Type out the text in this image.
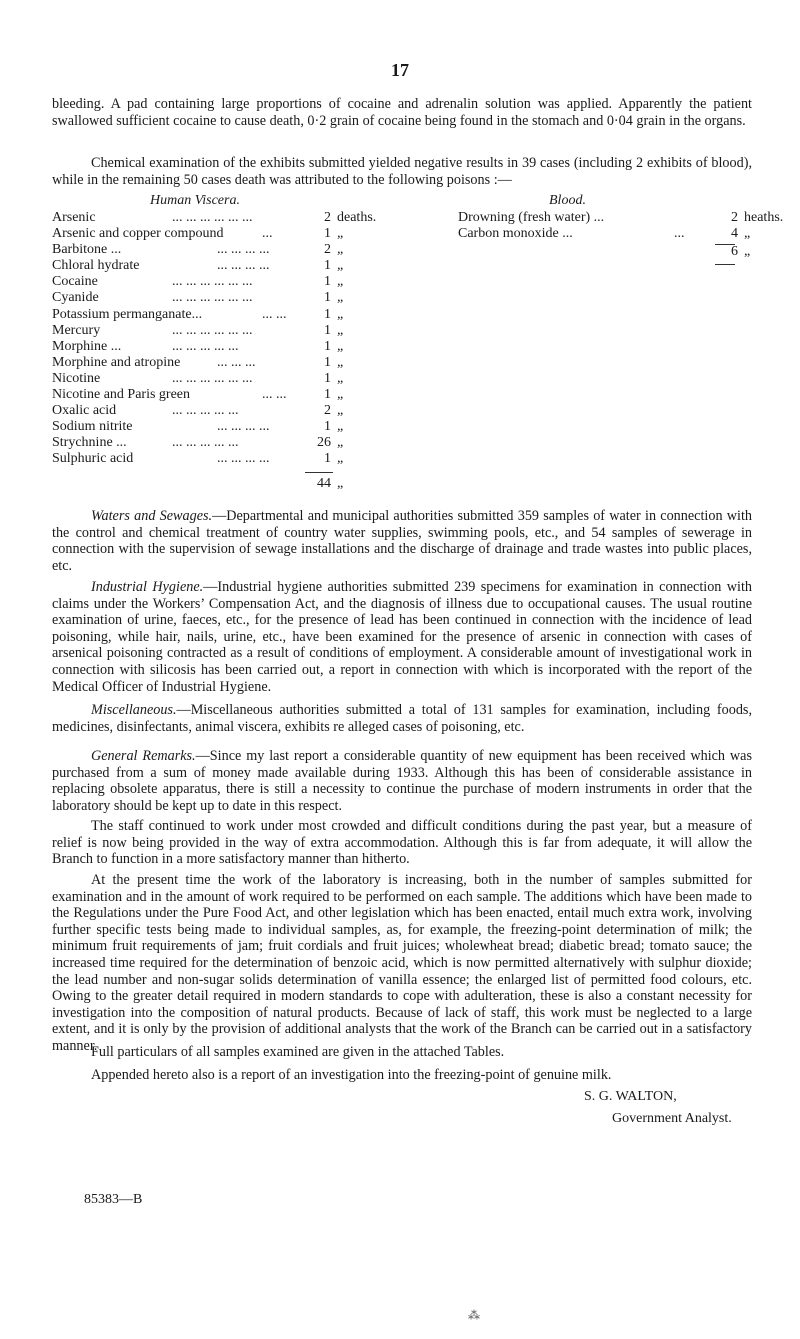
17

bleeding. A pad containing large proportions of cocaine and adrenalin solution was applied. Apparently the patient swallowed sufficient cocaine to cause death, 0·2 grain of cocaine being found in the stomach and 0·04 grain in the organs.

Chemical examination of the exhibits submitted yielded negative results in 39 cases (including 2 exhibits of blood), while in the remaining 50 cases death was attributed to the following poisons :—

Human Viscera.	Blood.
Arsenic	... ... ... ... ... ...	2 deaths.
Arsenic and copper compound	...	1 „
Barbitone ...	... ... ... ...	2 „
Chloral hydrate	... ... ... ...	1 „
Cocaine	... ... ... ... ... ...	1 „
Cyanide	... ... ... ... ... ...	1 „
Potassium permanganate...	... ...	1 „
Mercury	... ... ... ... ... ...	1 „
Morphine ...	... ... ... ... ...	1 „
Morphine and atropine	... ... ...	1 „
Nicotine	... ... ... ... ... ...	1 „
Nicotine and Paris green	... ...	1 „
Oxalic acid	... ... ... ... ...	2 „
Sodium nitrite	... ... ... ...	1 „
Strychnine ...	... ... ... ... ...	26 „
Sulphuric acid	... ... ... ...	1 „
44 „
Drowning (fresh water) ...	2 heaths.
Carbon monoxide ...	...	4 „
6 „

Waters and Sewages.—Departmental and municipal authorities submitted 359 samples of water in connection with the control and chemical treatment of country water supplies, swimming pools, etc., and 54 samples of sewerage in connection with the supervision of sewage installations and the discharge of drainage and trade wastes into public places, etc.

Industrial Hygiene.—Industrial hygiene authorities submitted 239 specimens for examination in connection with claims under the Workers’ Compensation Act, and the diagnosis of illness due to occupational causes. The usual routine examination of urine, faeces, etc., for the presence of lead has been continued in connection with the incidence of lead poisoning, while hair, nails, urine, etc., have been examined for the presence of arsenic in connection with cases of arsenical poisoning contracted as a result of conditions of employment. A considerable amount of investigational work in connection with silicosis has been carried out, a report in connection with which is incorporated with the report of the Medical Officer of Industrial Hygiene.

Miscellaneous.—Miscellaneous authorities submitted a total of 131 samples for examination, including foods, medicines, disinfectants, animal viscera, exhibits re alleged cases of poisoning, etc.

General Remarks.—Since my last report a considerable quantity of new equipment has been received which was purchased from a sum of money made available during 1933. Although this has been of considerable assistance in replacing obsolete apparatus, there is still a necessity to continue the purchase of modern instruments in order that the laboratory should be kept up to date in this respect.

The staff continued to work under most crowded and difficult conditions during the past year, but a measure of relief is now being provided in the way of extra accommodation. Although this is far from adequate, it will allow the Branch to function in a more satisfactory manner than hitherto.

At the present time the work of the laboratory is increasing, both in the number of samples submitted for examination and in the amount of work required to be performed on each sample. The additions which have been made to the Regulations under the Pure Food Act, and other legislation which has been enacted, entail much extra work, involving further specific tests being made to individual samples, as, for example, the freezing-point determination of milk; the minimum fruit requirements of jam; fruit cordials and fruit juices; wholewheat bread; diabetic bread; tomato sauce; the increased time required for the determination of benzoic acid, which is now permitted alternatively with sulphur dioxide; the lead number and non-sugar solids determination of vanilla essence; the enlarged list of permitted food colours, etc. Owing to the greater detail required in modern standards to cope with adulteration, these is also a constant necessity for investigation into the composition of natural products. Because of lack of staff, this work must be neglected to a large extent, and it is only by the provision of additional analysts that the work of the Branch can be carried out in a satisfactory manner.

Full particulars of all samples examined are given in the attached Tables.

Appended hereto also is a report of an investigation into the freezing-point of genuine milk.

S. G. WALTON,
Government Analyst.
85383—B
⁂
